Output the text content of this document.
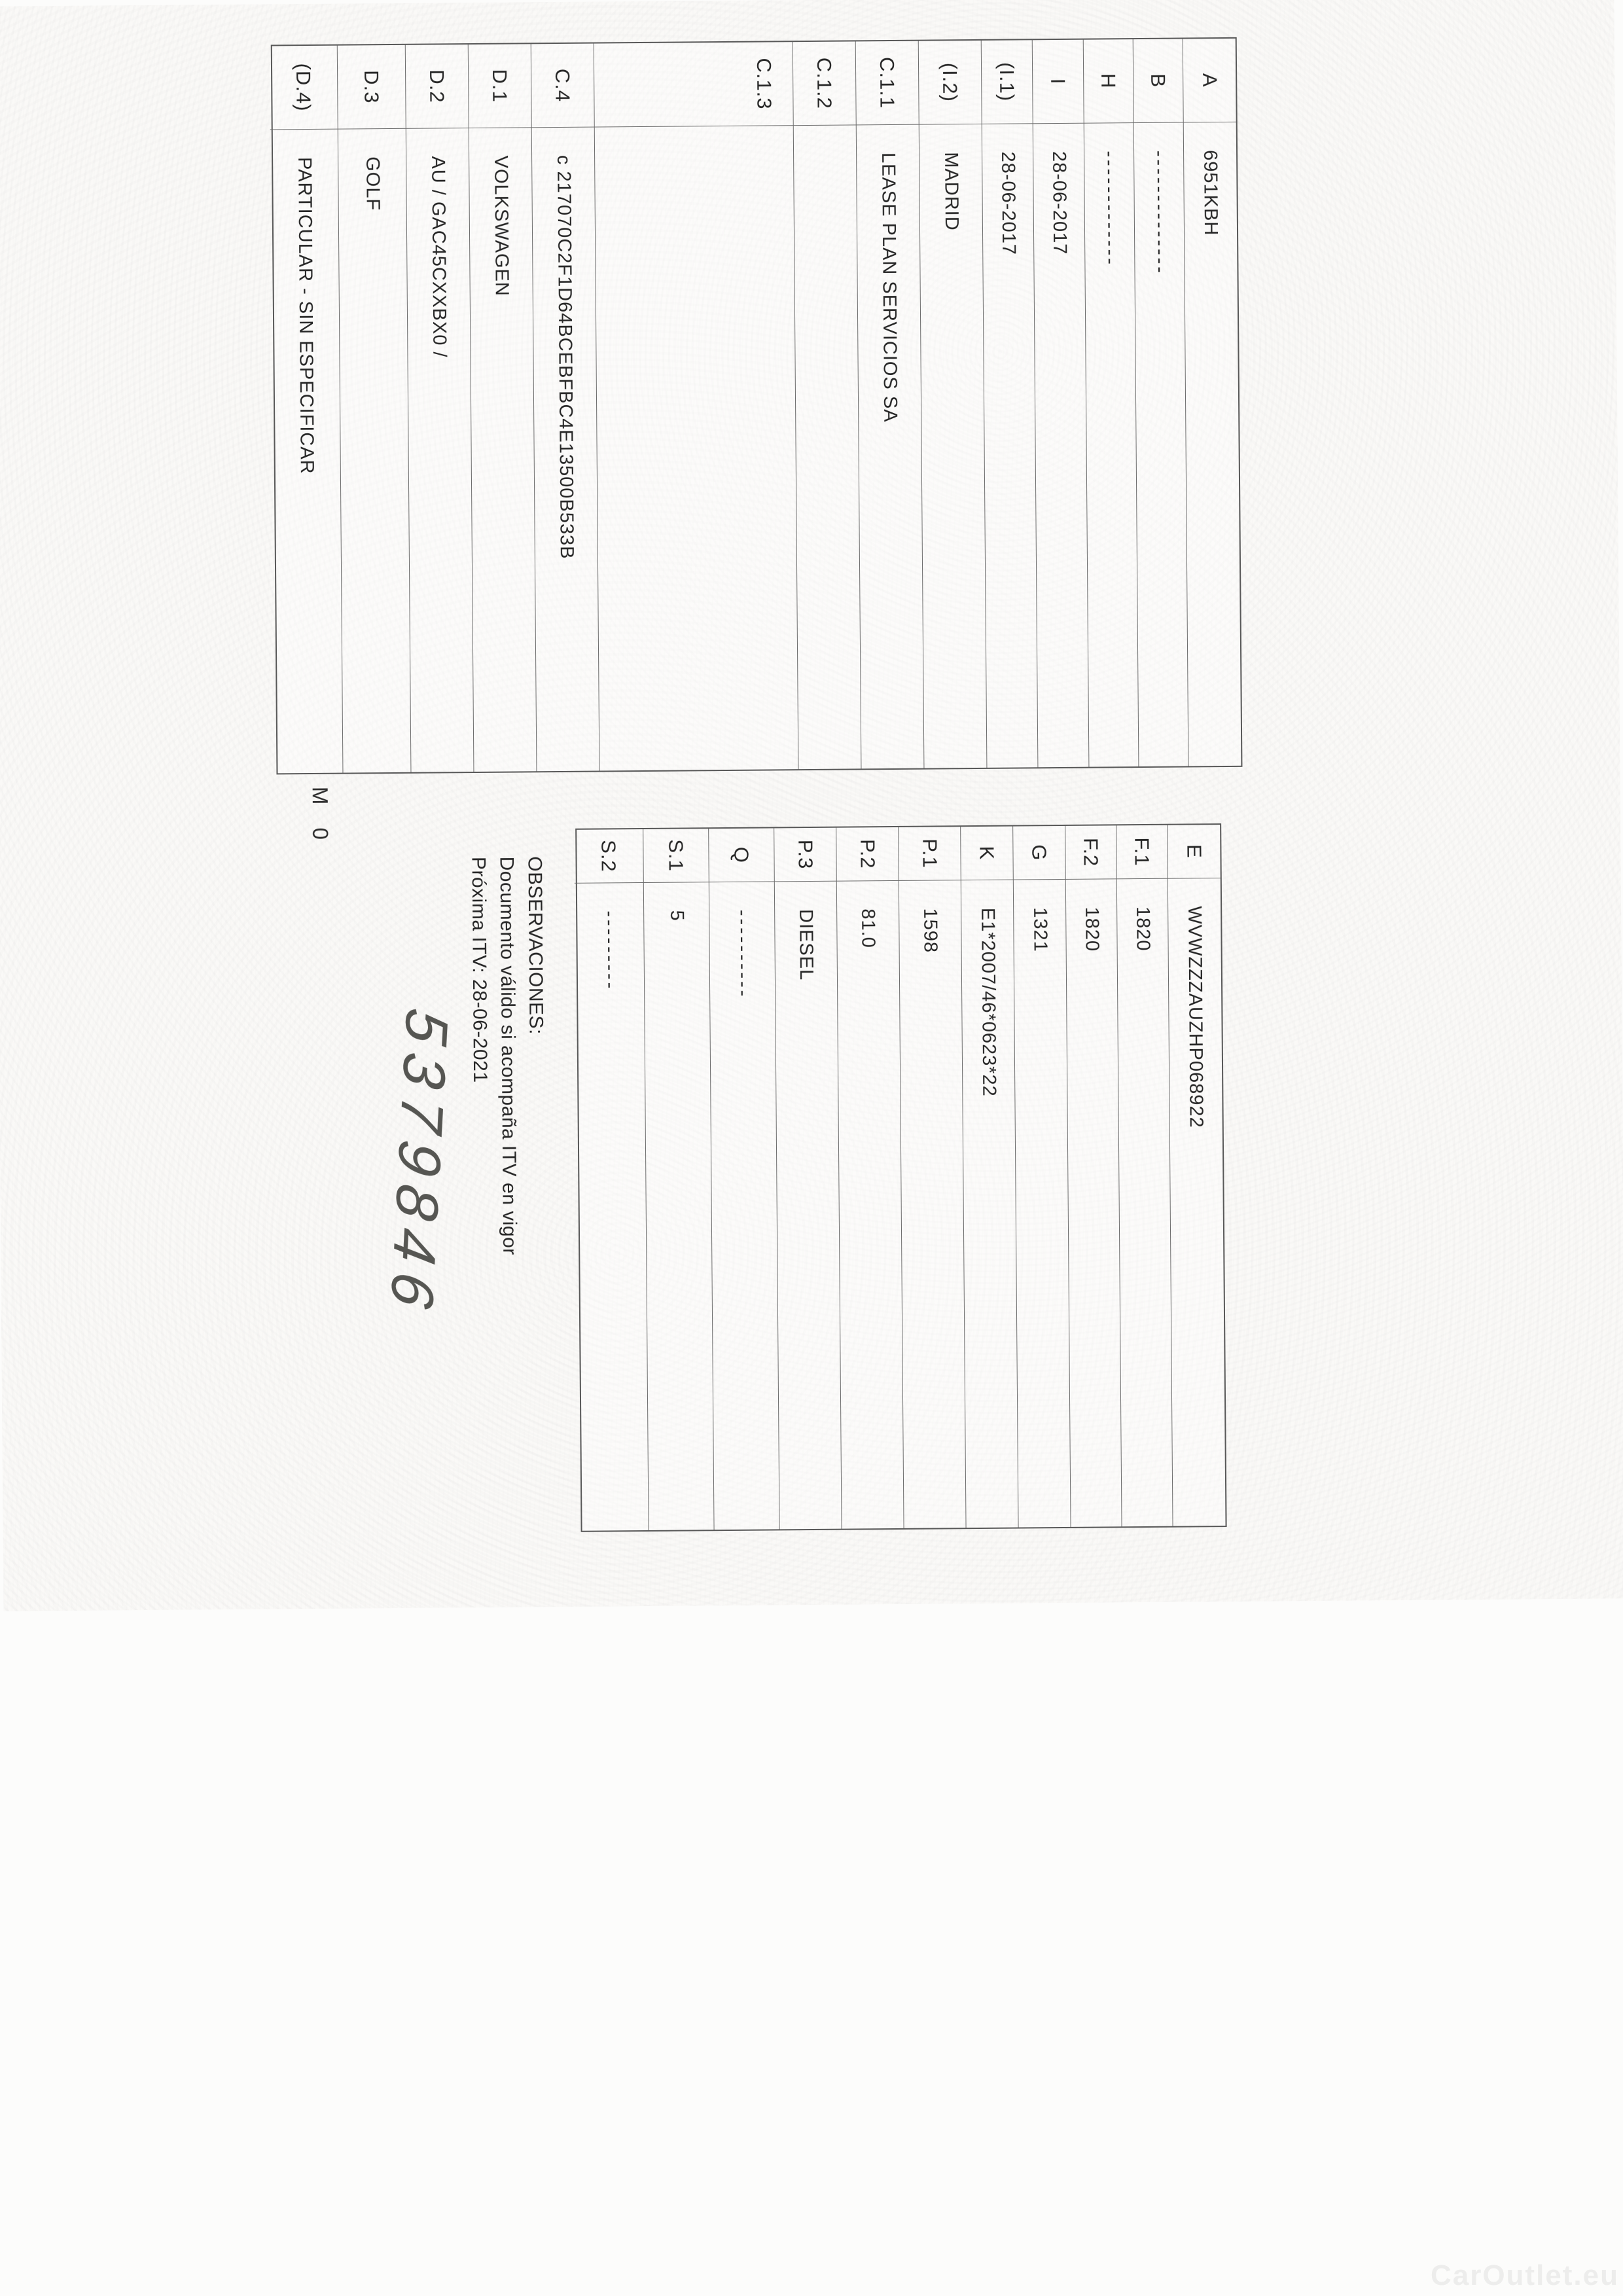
A
6951KBH
B
--------------
H
-------------
I
28-06-2017
(I.1)
28-06-2017
(I.2)
MADRID
C.1.1
LEASE PLAN SERVICIOS SA
C.1.2
C.1.3
C.4
c 217070C2F1D64BCEBFBC4E13500B533B
D.1
VOLKSWAGEN
D.2
AU / GAC45CXXBX0 /
D.3
GOLF
(D.4)
PARTICULAR - SIN ESPECIFICAR
E
WVWZZZAUZHP068922
F.1
1820
F.2
1820
G
1321
K
E1*2007/46*0623*22
P.1
1598
P.2
81.0
P.3
DIESEL
Q
----------
S.1
5
S.2
---------
OBSERVACIONES:
Documento válido si acompaña ITV en vigor
Próxima ITV: 28-06-2021
M 0
5379846
CarOutlet.eu
